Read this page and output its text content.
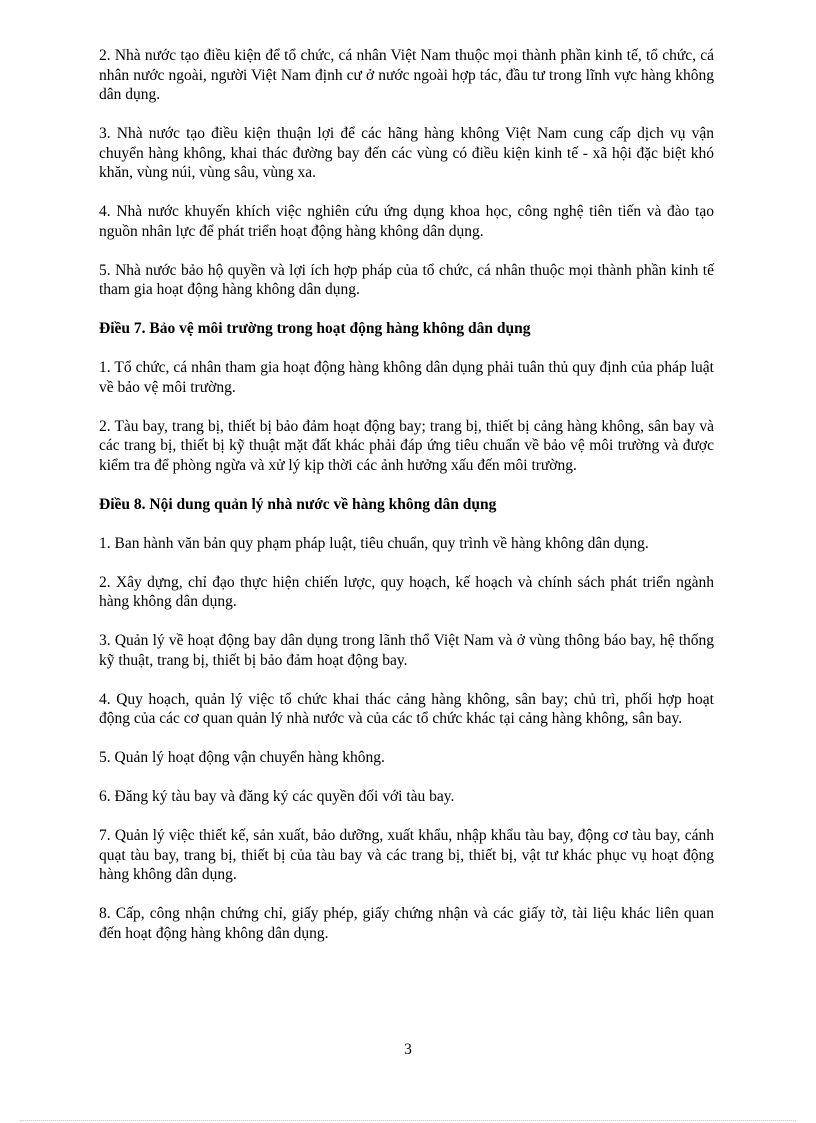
2. Nhà nước tạo điều kiện để tổ chức, cá nhân Việt Nam thuộc mọi thành phần kinh tế, tổ chức, cá nhân nước ngoài, người Việt Nam định cư ở nước ngoài hợp tác, đầu tư trong lĩnh vực hàng không dân dụng.

3. Nhà nước tạo điều kiện thuận lợi để các hãng hàng không Việt Nam cung cấp dịch vụ vận chuyển hàng không, khai thác đường bay đến các vùng có điều kiện kinh tế - xã hội đặc biệt khó khăn, vùng núi, vùng sâu, vùng xa.

4. Nhà nước khuyến khích việc nghiên cứu ứng dụng khoa học, công nghệ tiên tiến và đào tạo nguồn nhân lực để phát triển hoạt động hàng không dân dụng.

5. Nhà nước bảo hộ quyền và lợi ích hợp pháp của tổ chức, cá nhân thuộc mọi thành phần kinh tế tham gia hoạt động hàng không dân dụng.

Điều 7. Bảo vệ môi trường trong hoạt động hàng không dân dụng

1. Tổ chức, cá nhân tham gia hoạt động hàng không dân dụng phải tuân thủ quy định của pháp luật về bảo vệ môi trường.

2. Tàu bay, trang bị, thiết bị bảo đảm hoạt động bay; trang bị, thiết bị cảng hàng không, sân bay và các trang bị, thiết bị kỹ thuật mặt đất khác phải đáp ứng tiêu chuẩn về bảo vệ môi trường và được kiểm tra để phòng ngừa và xử lý kịp thời các ảnh hưởng xấu đến môi trường.

Điều 8. Nội dung quản lý nhà nước về hàng không dân dụng

1. Ban hành văn bản quy phạm pháp luật, tiêu chuẩn, quy trình về hàng không dân dụng.

2. Xây dựng, chỉ đạo thực hiện chiến lược, quy hoạch, kế hoạch và chính sách phát triển ngành hàng không dân dụng.

3. Quản lý về hoạt động bay dân dụng trong lãnh thổ Việt Nam và ở vùng thông báo bay, hệ thống kỹ thuật, trang bị, thiết bị bảo đảm hoạt động bay.

4. Quy hoạch, quản lý việc tổ chức khai thác cảng hàng không, sân bay; chủ trì, phối hợp hoạt động của các cơ quan quản lý nhà nước và của các tổ chức khác tại cảng hàng không, sân bay.

5. Quản lý hoạt động vận chuyển hàng không.

6. Đăng ký tàu bay và đăng ký các quyền đối với tàu bay.

7. Quản lý việc thiết kế, sản xuất, bảo dưỡng, xuất khẩu, nhập khẩu tàu bay, động cơ tàu bay, cánh quạt tàu bay, trang bị, thiết bị của tàu bay và các trang bị, thiết bị, vật tư khác phục vụ hoạt động hàng không dân dụng.

8. Cấp, công nhận chứng chỉ, giấy phép, giấy chứng nhận và các giấy tờ, tài liệu khác liên quan đến hoạt động hàng không dân dụng.

3
